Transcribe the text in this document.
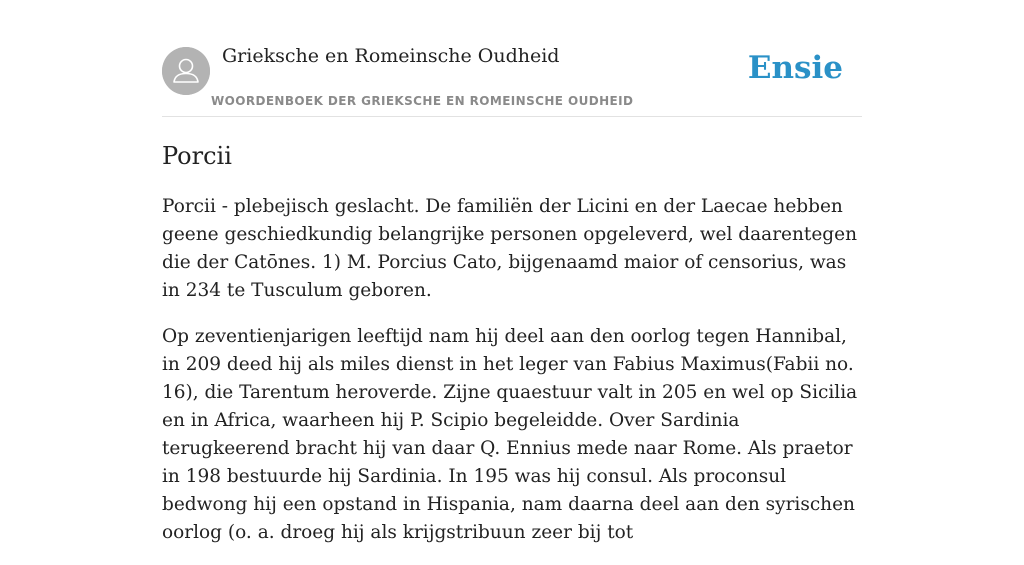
Grieksche en Romeinsche Oudheid
WOORDENBOEK DER GRIEKSCHE EN ROMEINSCHE OUDHEID
Ensie
Porcii

Porcii - plebejisch geslacht. De familiën der Licini en der Laecae hebben geene geschiedkundig belangrijke personen opgeleverd, wel daarentegen die der Catōnes. 1) M. Porcius Cato, bijgenaamd maior of censorius, was in 234 te Tusculum geboren.

Op zeventienjarigen leeftijd nam hij deel aan den oorlog tegen Hannibal, in 209 deed hij als miles dienst in het leger van Fabius Maximus(Fabii no. 16), die Tarentum heroverde. Zijne quaestuur valt in 205 en wel op Sicilia en in Africa, waarheen hij P. Scipio begeleidde. Over Sardinia terugkeerend bracht hij van daar Q. Ennius mede naar Rome. Als praetor in 198 bestuurde hij Sardinia. In 195 was hij consul. Als proconsul bedwong hij een opstand in Hispania, nam daarna deel aan den syrischen oorlog (o. a. droeg hij als krijgstribuun zeer bij tot
